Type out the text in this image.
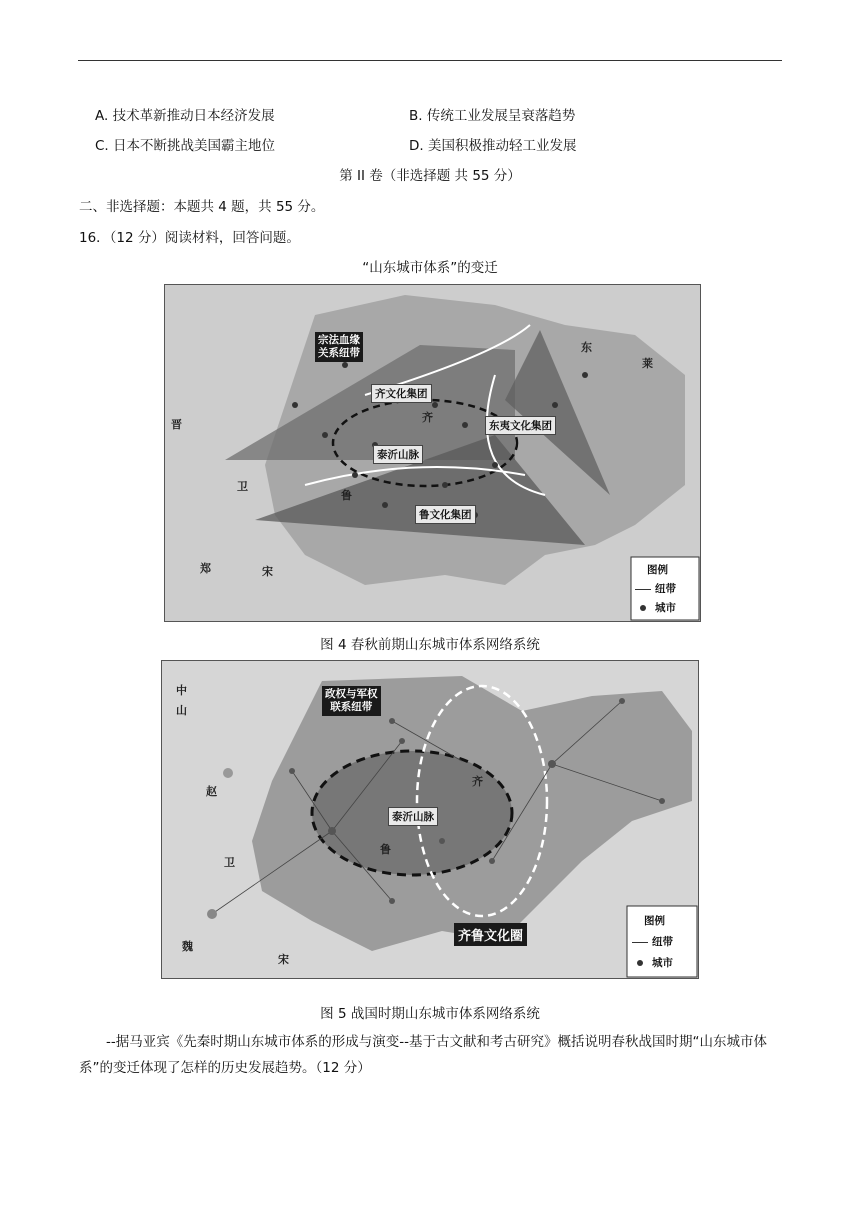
A. 技术革新推动日本经济发展	B. 传统工业发展呈衰落趋势
C. 日本不断挑战美国霸主地位	D. 美国积极推动轻工业发展
第 II 卷（非选择题 共 55 分）
二、非选择题：本题共 4 题，共 55 分。
16．（12 分）阅读材料，回答问题。
“山东城市体系”的变迁
宗法血缘
关系纽带
齐文化集团
齐
东夷文化集团
泰沂山脉
鲁
鲁文化集团
晋
卫
郑	宋
东
莱
图例
纽带
城市
图 4 春秋前期山东城市体系网络系统
中
山
赵
卫
魏
宋
政权与军权
联系纽带
齐
泰沂山脉
鲁
齐鲁文化圈
图例
纽带
城市
图 5 战国时期山东城市体系网络系统
--据马亚宾《先秦时期山东城市体系的形成与演变--基于古文献和考古研究》概括说明春秋战国时期“山东城市体系”的变迁体现了怎样的历史发展趋势。（12 分）
